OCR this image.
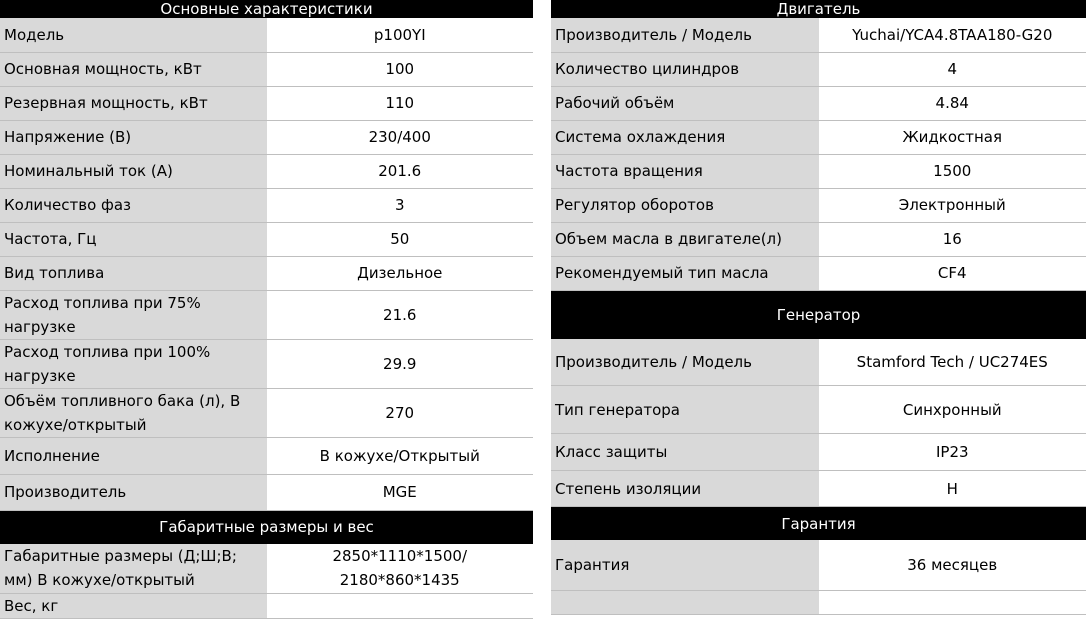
Основные характеристики	
Модель	p100YI
Основная мощность, кВт	100
Резервная мощность, кВт	110
Напряжение (В)	230/400
Номинальный ток (А)	201.6
Количество фаз	3
Частота, Гц	50
Вид топлива	Дизельное
Расход топлива при 75% нагрузке	21.6
Расход топлива при 100% нагрузке	29.9
Объём топливного бака (л), В кожухе/открытый	270
Исполнение	В кожухе/Открытый
Производитель	MGE
Габаритные размеры и вес	
Габаритные размеры (Д;Ш;В; мм) В кожухе/открытый	2850*1110*1500/ 2180*860*1435
Вес, кг	
Двигатель	
Производитель / Модель	Yuchai/YCA4.8TAA180-G20
Количество цилиндров	4
Рабочий объём	4.84
Система охлаждения	Жидкостная
Частота вращения	1500
Регулятор оборотов	Электронный
Объем масла в двигателе(л)	16
Рекомендуемый тип масла	CF4
Генератор	
Производитель / Модель	Stamford Tech / UC274ES
Тип генератора	Синхронный
Класс защиты	IP23
Степень изоляции	H
Гарантия	
Гарантия	36 месяцев
